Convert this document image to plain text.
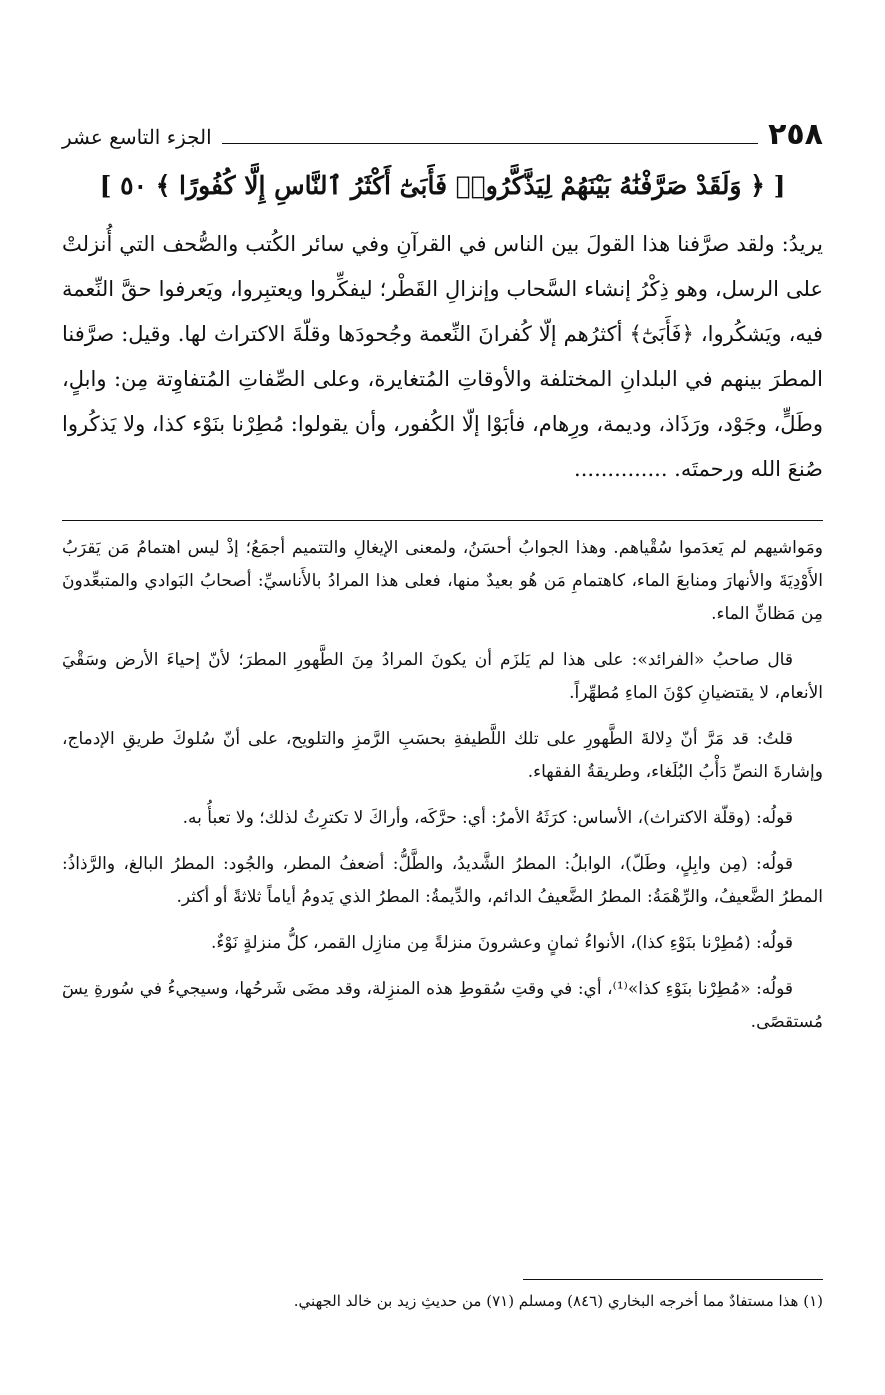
٢٥٨
الجزء التاسع عشر
[ ﴿ وَلَقَدْ صَرَّفْنَٰهُ بَيْنَهُمْ لِيَذَّكَّرُوا۟ فَأَبَىٰٓ أَكْثَرُ ٱلنَّاسِ إِلَّا كُفُورًا ﴾ ٥٠ ]
يريدُ: ولقد صرَّفنا هذا القولَ بين الناس في القرآنِ وفي سائر الكُتب والصُّحف التي أُنزلتْ على الرسل، وهو ذِكْرُ إنشاء السَّحاب وإنزالِ القَطْر؛ ليفكِّروا ويعتبِروا، ويَعرفوا حقَّ النِّعمة فيه، ويَشكُروا، ﴿فَأَبَىٰٓ﴾ أكثرُهم إلّا كُفرانَ النِّعمة وجُحودَها وقلّةَ الاكتراث لها. وقيل: صرَّفنا المطرَ بينهم في البلدانِ المختلفة والأوقاتِ المُتغايرة، وعلى الصِّفاتِ المُتفاوِتة مِن: وابلٍ، وطَلٍّ، وجَوْد، ورَذَاذ، وديمة، ورِهام، فأبَوْا إلّا الكُفور، وأن يقولوا: مُطِرْنا بنَوْء كذا، ولا يَذكُروا صُنعَ الله ورحمتَه. ..............

ومَواشيهم لم يَعدَموا سُقْياهم. وهذا الجوابُ أحسَنُ، ولمعنى الإيغالِ والتتميم أجمَعُ؛ إذْ ليس اهتمامُ مَن يَقرَبُ الأَوْدِيَةَ والأنهارَ ومنابعَ الماء، كاهتمامِ مَن هُو بعيدٌ منها، فعلى هذا المرادُ بالأَناسيِّ: أصحابُ البَوادي والمتبعِّدونَ مِن مَظانِّ الماء.

قال صاحبُ «الفرائد»: على هذا لم يَلزَم أن يكونَ المرادُ مِنَ الطَّهورِ المطرَ؛ لأنّ إحياءَ الأرض وسَقْيَ الأنعام، لا يقتضيانِ كوْنَ الماءِ مُطهِّراً.

قلتُ: قد مَرَّ أنّ دِلالةَ الطَّهورِ على تلك اللَّطيفةِ بحسَبِ الرَّمزِ والتلويح، على أنّ سُلوكَ طريقِ الإدماج، وإشارةَ النصِّ دَأْبُ البُلَغاء، وطريقةُ الفقهاء.

قولُه: (وقلّة الاكتراث)، الأساس: كرَثَهُ الأمرُ: أي: حرَّكَه، وأراكَ لا تكترِثُ لذلك؛ ولا تعبأُ به.

قولُه: (مِن وابِلٍ، وطَلّ)، الوابلُ: المطرُ الشَّديدُ، والطَّلُّ: أضعفُ المطر، والجُود: المطرُ البالغ، والرَّذاذُ: المطرُ الضَّعيفُ، والرِّهْمَةُ: المطرُ الضَّعيفُ الدائم، والدِّيمةُ: المطرُ الذي يَدومُ أياماً ثلاثةً أو أكثر.

قولُه: (مُطِرْنا بنَوْءِ كذا)، الأنواءُ ثمانٍ وعشرونَ منزلةً مِن منازِل القمر، كلُّ منزلةٍ نَوْءٌ.

قولُه: «مُطِرْنا بنَوْءِ كذا»⁽¹⁾، أي: في وقتِ سُقوطِ هذه المنزِلة، وقد مضَى شَرحُها، وسيجيءُ في سُورةِ يسٓ مُستقصًى.

(١) هذا مستفادٌ مما أخرجه البخاري (٨٤٦) ومسلم (٧١) من حديثِ زيد بن خالد الجهني.
